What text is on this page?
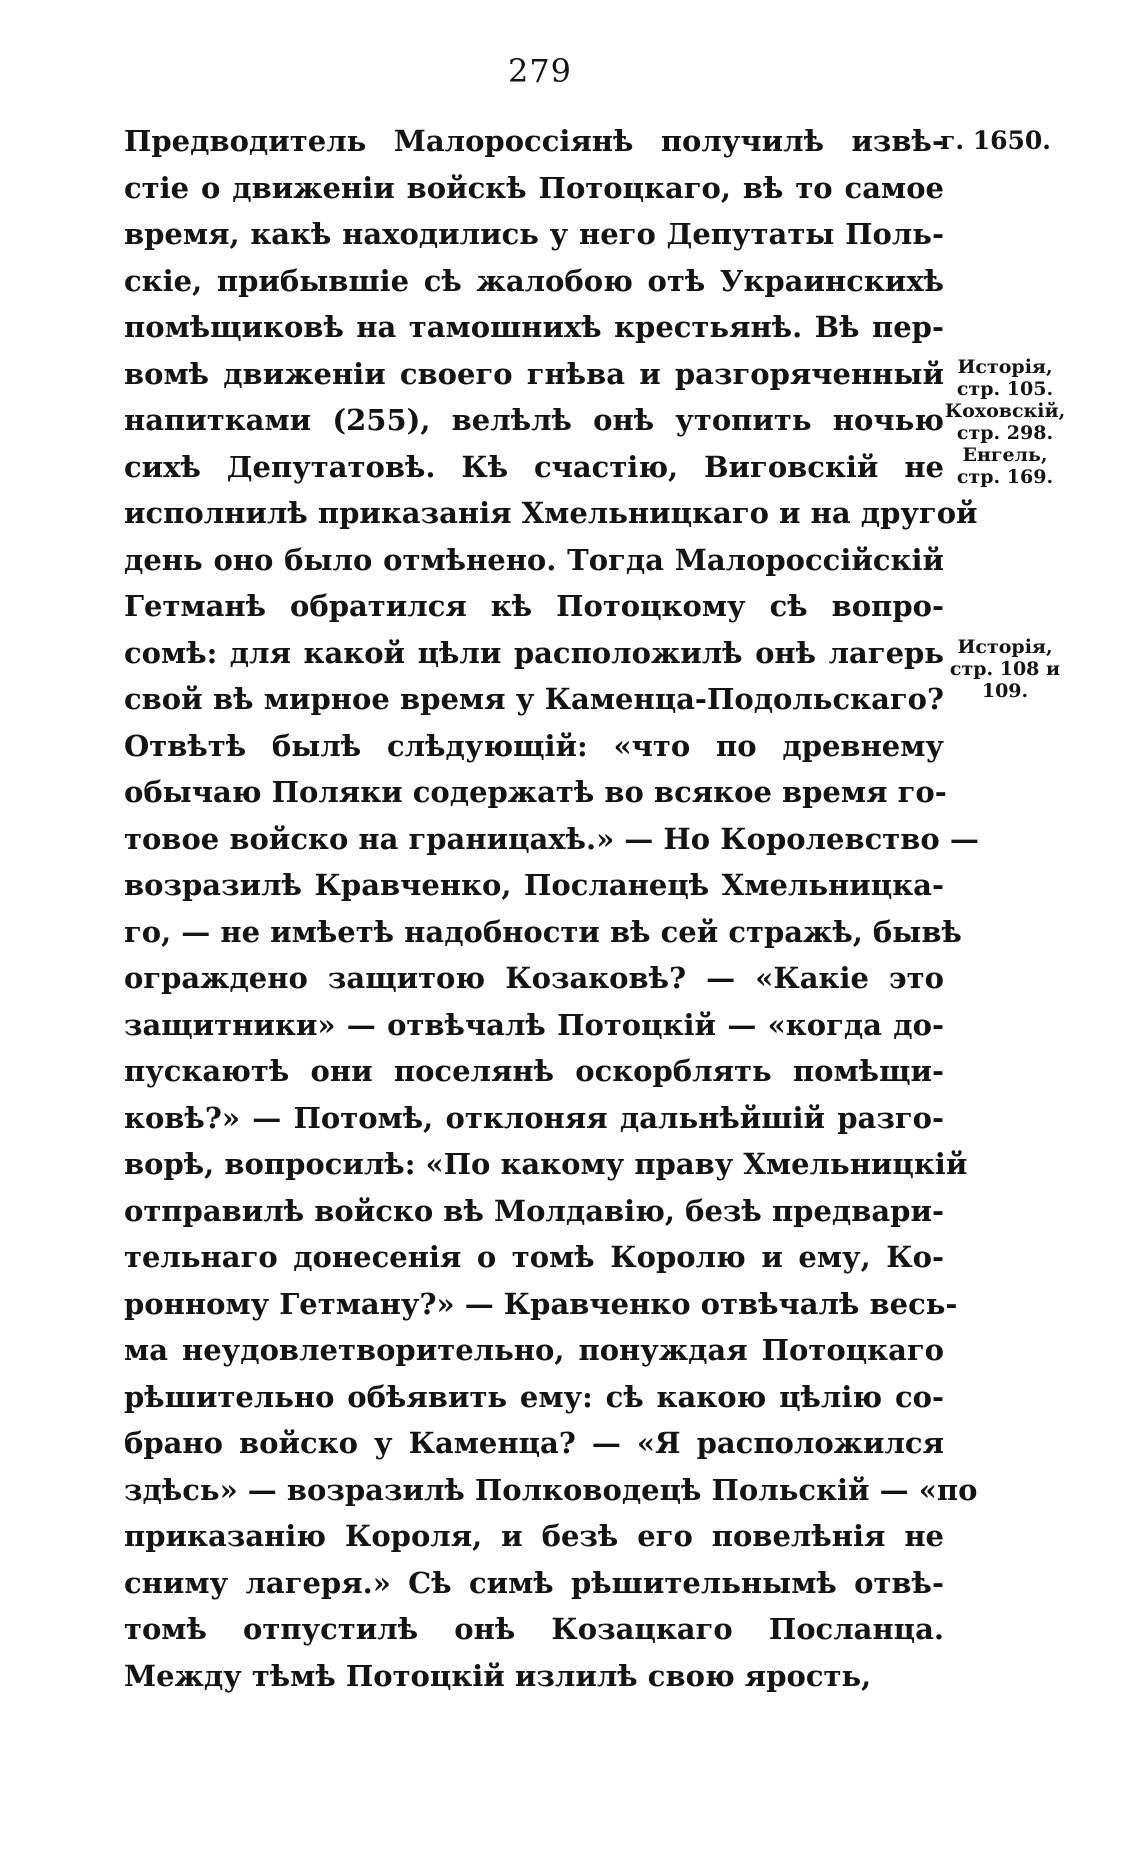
279
Предводитель Малороссіянѣ получилѣ извѣ-
стіе о движеніи войскѣ Потоцкаго, вѣ то самое
время, какѣ находились у него Депутаты Поль-
скіе, прибывшіе сѣ жалобою отѣ Украинскихѣ
помѣщиковѣ на тамошнихѣ крестьянѣ. Вѣ пер-
вомѣ движеніи своего гнѣва и разгоряченный
напитками (255), велѣлѣ онѣ утопить ночью
сихѣ Депутатовѣ. Кѣ счастію, Виговскій не
исполнилѣ приказанія Хмельницкаго и на другой
день оно было отмѣнено. Тогда Малороссійскій
Гетманѣ обратился кѣ Потоцкому сѣ вопро-
сомѣ: для какой цѣли расположилѣ онѣ лагерь
свой вѣ мирное время у Каменца-Подольскаго?
Отвѣтѣ былѣ слѣдующій: «что по древнему
обычаю Поляки содержатѣ во всякое время го-
товое войско на границахѣ.» — Но Королевство —
возразилѣ Кравченко, Посланецѣ Хмельницка-
го, — не имѣетѣ надобности вѣ сей стражѣ, бывѣ
ограждено защитою Козаковѣ? — «Какіе это
защитники» — отвѣчалѣ Потоцкій — «когда до-
пускаютѣ они поселянѣ оскорблять помѣщи-
ковѣ?» — Потомѣ, отклоняя дальнѣйшій разго-
ворѣ, вопросилѣ: «По какому праву Хмельницкій
отправилѣ войско вѣ Молдавію, безѣ предвари-
тельнаго донесенія о томѣ Королю и ему, Ко-
ронному Гетману?» — Кравченко отвѣчалѣ весь-
ма неудовлетворительно, понуждая Потоцкаго
рѣшительно обѣявить ему: сѣ какою цѣлію со-
брано войско у Каменца? — «Я расположился
здѣсь» — возразилѣ Полководецѣ Польскій — «по
приказанію Короля, и безѣ его повелѣнія не
сниму лагеря.» Сѣ симѣ рѣшительнымѣ отвѣ-
томѣ отпустилѣ онѣ Козацкаго Посланца.
Между тѣмѣ Потоцкій излилѣ свою ярость,
г. 1650.
Исторія,
стр. 105.
Коховскій,
стр. 298.
Енгель,
стр. 169.
Исторія,
стр. 108 и
109.
